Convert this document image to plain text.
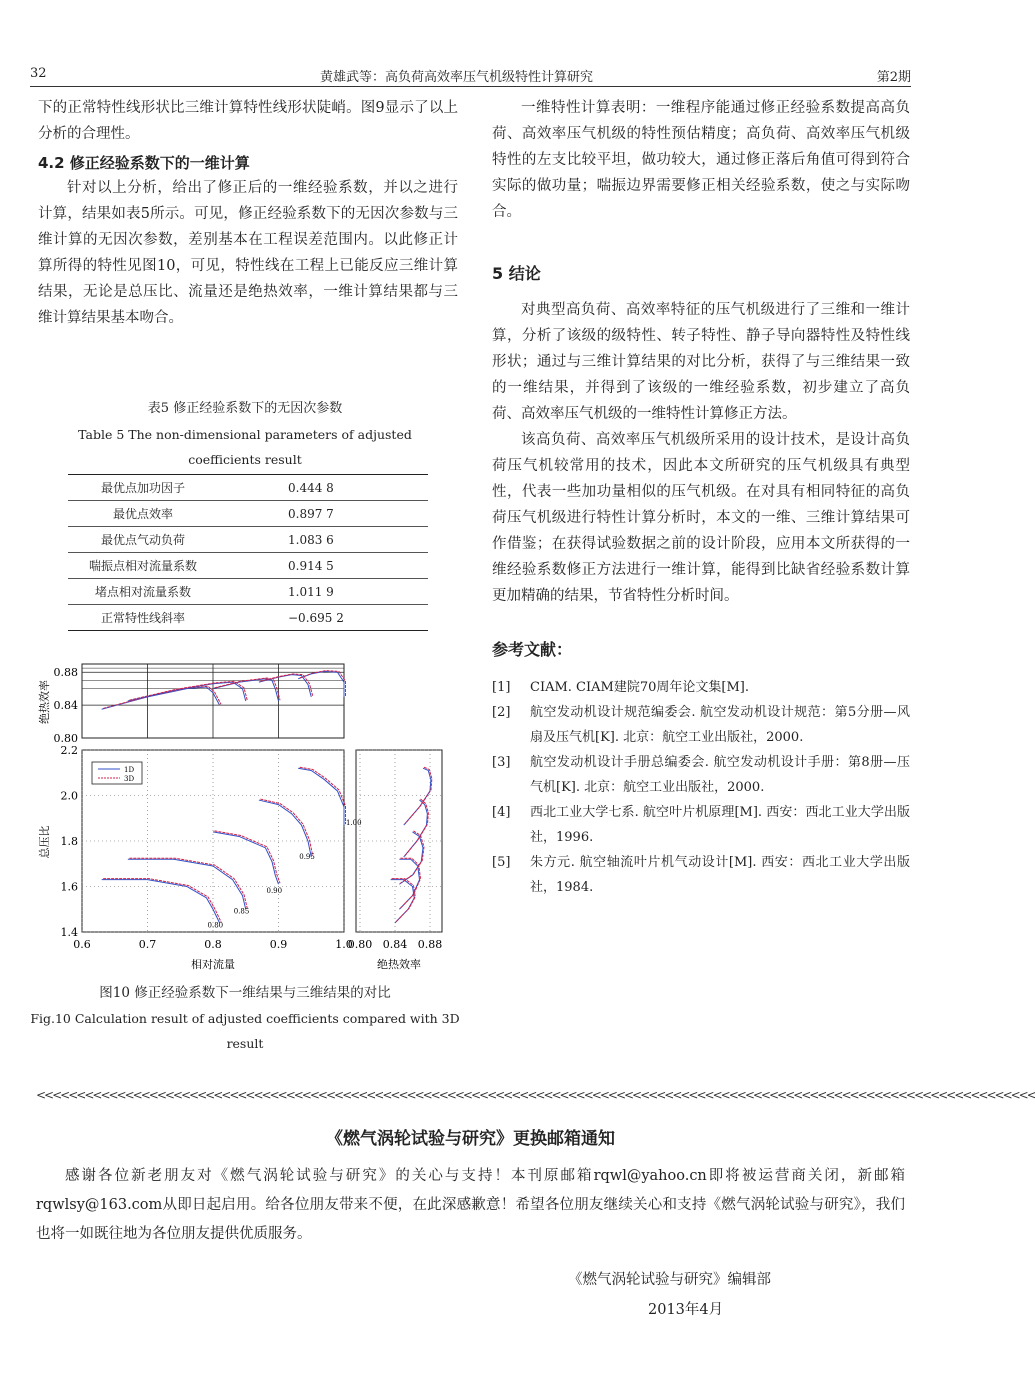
32	黄雄武等：高负荷高效率压气机级特性计算研究	第2期

下的正常特性线形状比三维计算特性线形状陡峭。图9显示了以上分析的合理性。

4.2 修正经验系数下的一维计算

针对以上分析，给出了修正后的一维经验系数，并以之进行计算，结果如表5所示。可见，修正经验系数下的无因次参数与三维计算的无因次参数，差别基本在工程误差范围内。以此修正计算所得的特性见图10，可见，特性线在工程上已能反应三维计算结果，无论是总压比、流量还是绝热效率，一维计算结果都与三维计算结果基本吻合。

表5 修正经验系数下的无因次参数
Table 5 The non-dimensional parameters of adjusted coefficients result
最优点加功因子	0.444 8
最优点效率	0.897 7
最优点气动负荷	1.083 6
喘振点相对流量系数	0.914 5
堵点相对流量系数	1.011 9
正常特性线斜率	−0.695 2
0.80
0.85
0.90
0.95
1.00
1D
3D
绝热效率
总压比
相对流量	绝热效率
0.6	0.7	0.8	0.9	1.0
2.2
2.0
1.8
1.6
1.4
0.88
0.84
0.80
0.80 0.84 0.88
图10 修正经验系数下一维结果与三维结果的对比
Fig.10 Calculation result of adjusted coefficients compared with 3D result

一维特性计算表明：一维程序能通过修正经验系数提高高负荷、高效率压气机级的特性预估精度；高负荷、高效率压气机级特性的左支比较平坦，做功较大，通过修正落后角值可得到符合实际的做功量；喘振边界需要修正相关经验系数，使之与实际吻合。

5 结论

对典型高负荷、高效率特征的压气机级进行了三维和一维计算，分析了该级的级特性、转子特性、静子导向器特性及特性线形状；通过与三维计算结果的对比分析，获得了与三维结果一致的一维结果，并得到了该级的一维经验系数，初步建立了高负荷、高效率压气机级的一维特性计算修正方法。

该高负荷、高效率压气机级所采用的设计技术，是设计高负荷压气机较常用的技术，因此本文所研究的压气机级具有典型性，代表一些加功量相似的压气机级。在对具有相同特征的高负荷压气机级进行特性计算分析时，本文的一维、三维计算结果可作借鉴；在获得试验数据之前的设计阶段，应用本文所获得的一维经验系数修正方法进行一维计算，能得到比缺省经验系数计算更加精确的结果，节省特性分析时间。

参考文献：

[1]	CIAM. CIAM建院70周年论文集[M].
[2]	航空发动机设计规范编委会. 航空发动机设计规范：第5分册—风扇及压气机[K]. 北京：航空工业出版社，2000.
[3]	航空发动机设计手册总编委会. 航空发动机设计手册：第8册—压气机[K]. 北京：航空工业出版社，2000.
[4]	西北工业大学七系. 航空叶片机原理[M]. 西安：西北工业大学出版社，1996.
[5]	朱方元. 航空轴流叶片机气动设计[M]. 西安：西北工业大学出版社，1984.
<<<<<<<<<<<<<<<<<<<<<<<<<<<<<<<<<<<<<<<<<<<<<<<<<<<<<<<<<<<<<<<<<<<<<<<<<<<<<<<<<<<<<<<<<<<<<<<<<<<<<<<<<<<<<<<<<<<<<<<<<<<<
《燃气涡轮试验与研究》更换邮箱通知
感谢各位新老朋友对《燃气涡轮试验与研究》的关心与支持！本刊原邮箱rqwl@yahoo.cn即将被运营商关闭，新邮箱rqwlsy@163.com从即日起启用。给各位朋友带来不便，在此深感歉意！希望各位朋友继续关心和支持《燃气涡轮试验与研究》，我们也将一如既往地为各位朋友提供优质服务。
《燃气涡轮试验与研究》编辑部
2013年4月
